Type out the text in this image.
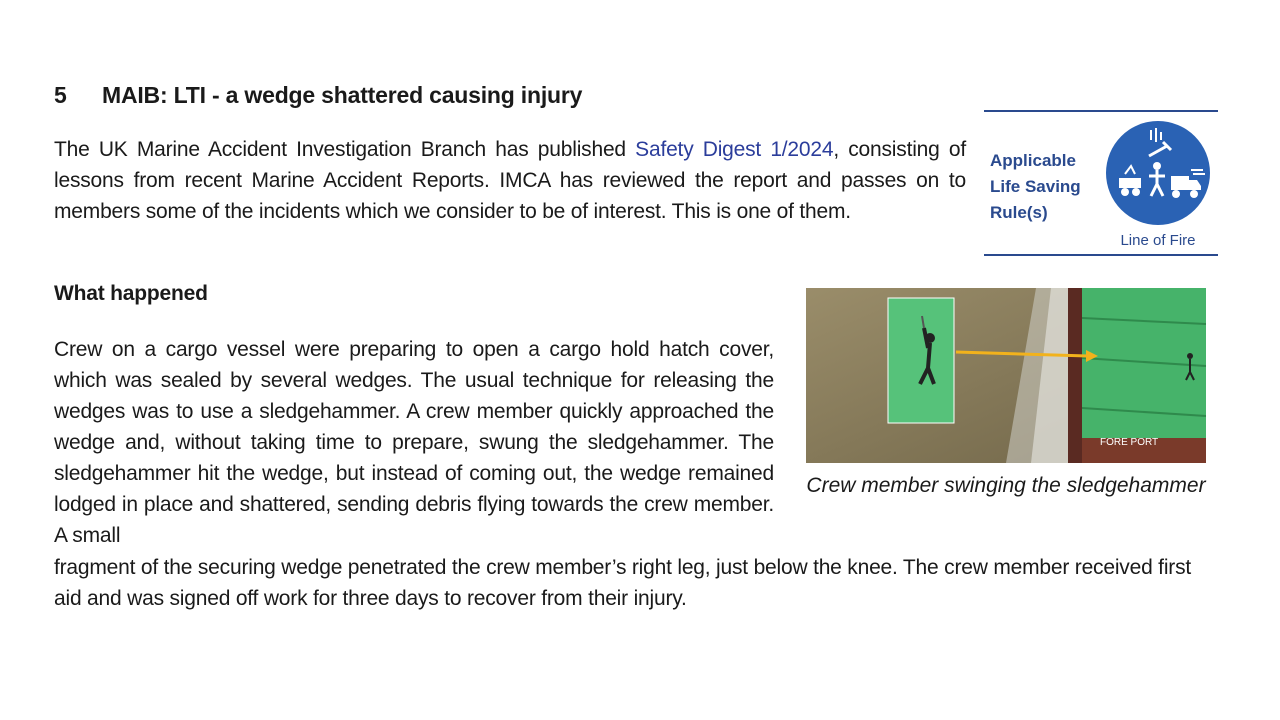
5 MAIB: LTI - a wedge shattered causing injury

The UK Marine Accident Investigation Branch has published Safety Digest 1/2024, consisting of lessons from recent Marine Accident Reports. IMCA has reviewed the report and passes on to members some of the incidents which we consider to be of interest. This is one of them.

Applicable Life Saving Rule(s)

Line of Fire

What happened

Crew on a cargo vessel were preparing to open a cargo hold hatch cover, which was sealed by several wedges. The usual technique for releasing the wedges was to use a sledgehammer. A crew member quickly approached the wedge and, without taking time to prepare, swung the sledgehammer. The sledgehammer hit the wedge, but instead of coming out, the wedge remained lodged in place and shattered, sending debris flying towards the crew member. A small

FORE PORT

Crew member swinging the sledgehammer

fragment of the securing wedge penetrated the crew member’s right leg, just below the knee. The crew member received first aid and was signed off work for three days to recover from their injury.
